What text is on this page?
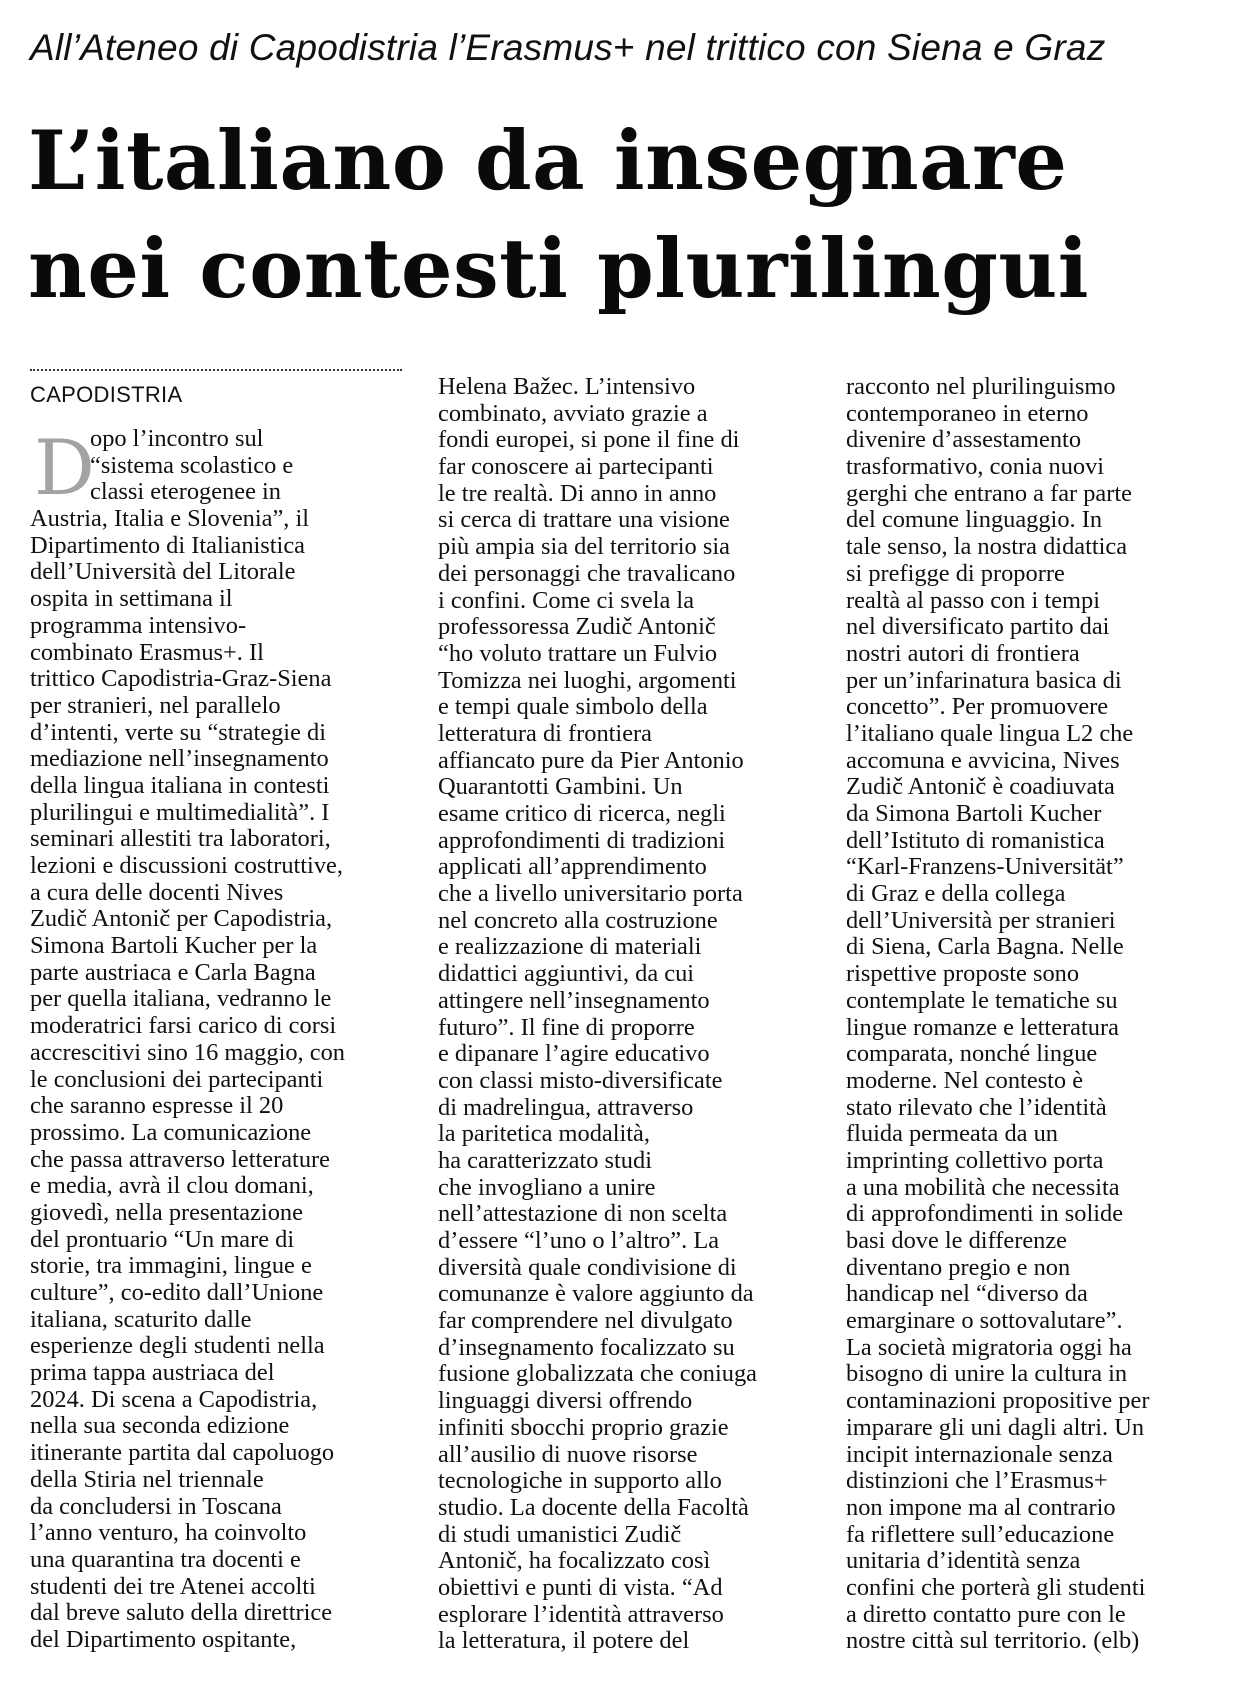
All’Ateneo di Capodistria l’Erasmus+ nel trittico con Siena e Graz
L’italiano da insegnare
nei contesti plurilingui
CAPODISTRIA
D
opo l’incontro sul
“sistema scolastico e
classi eterogenee in
Austria, Italia e Slovenia”, il
Dipartimento di Italianistica
dell’Università del Litorale
ospita in settimana il
programma intensivo-
combinato Erasmus+. Il
trittico Capodistria-Graz-Siena
per stranieri, nel parallelo
d’intenti, verte su “strategie di
mediazione nell’insegnamento
della lingua italiana in contesti
plurilingui e multimedialità”. I
seminari allestiti tra laboratori,
lezioni e discussioni costruttive,
a cura delle docenti Nives
Zudič Antonič per Capodistria,
Simona Bartoli Kucher per la
parte austriaca e Carla Bagna
per quella italiana, vedranno le
moderatrici farsi carico di corsi
accrescitivi sino 16 maggio, con
le conclusioni dei partecipanti
che saranno espresse il 20
prossimo. La comunicazione
che passa attraverso letterature
e media, avrà il clou domani,
giovedì, nella presentazione
del prontuario “Un mare di
storie, tra immagini, lingue e
culture”, co-edito dall’Unione
italiana, scaturito dalle
esperienze degli studenti nella
prima tappa austriaca del
2024. Di scena a Capodistria,
nella sua seconda edizione
itinerante partita dal capoluogo
della Stiria nel triennale
da concludersi in Toscana
l’anno venturo, ha coinvolto
una quarantina tra docenti e
studenti dei tre Atenei accolti
dal breve saluto della direttrice
del Dipartimento ospitante,
Helena Bažec. L’intensivo
combinato, avviato grazie a
fondi europei, si pone il fine di
far conoscere ai partecipanti
le tre realtà. Di anno in anno
si cerca di trattare una visione
più ampia sia del territorio sia
dei personaggi che travalicano
i confini. Come ci svela la
professoressa Zudič Antonič
“ho voluto trattare un Fulvio
Tomizza nei luoghi, argomenti
e tempi quale simbolo della
letteratura di frontiera
affiancato pure da Pier Antonio
Quarantotti Gambini. Un
esame critico di ricerca, negli
approfondimenti di tradizioni
applicati all’apprendimento
che a livello universitario porta
nel concreto alla costruzione
e realizzazione di materiali
didattici aggiuntivi, da cui
attingere nell’insegnamento
futuro”. Il fine di proporre
e dipanare l’agire educativo
con classi misto-diversificate
di madrelingua, attraverso
la paritetica modalità,
ha caratterizzato studi
che invogliano a unire
nell’attestazione di non scelta
d’essere “l’uno o l’altro”. La
diversità quale condivisione di
comunanze è valore aggiunto da
far comprendere nel divulgato
d’insegnamento focalizzato su
fusione globalizzata che coniuga
linguaggi diversi offrendo
infiniti sbocchi proprio grazie
all’ausilio di nuove risorse
tecnologiche in supporto allo
studio. La docente della Facoltà
di studi umanistici Zudič
Antonič, ha focalizzato così
obiettivi e punti di vista. “Ad
esplorare l’identità attraverso
la letteratura, il potere del
racconto nel plurilinguismo
contemporaneo in eterno
divenire d’assestamento
trasformativo, conia nuovi
gerghi che entrano a far parte
del comune linguaggio. In
tale senso, la nostra didattica
si prefigge di proporre
realtà al passo con i tempi
nel diversificato partito dai
nostri autori di frontiera
per un’infarinatura basica di
concetto”. Per promuovere
l’italiano quale lingua L2 che
accomuna e avvicina, Nives
Zudič Antonič è coadiuvata
da Simona Bartoli Kucher
dell’Istituto di romanistica
“Karl-Franzens-Universität”
di Graz e della collega
dell’Università per stranieri
di Siena, Carla Bagna. Nelle
rispettive proposte sono
contemplate le tematiche su
lingue romanze e letteratura
comparata, nonché lingue
moderne. Nel contesto è
stato rilevato che l’identità
fluida permeata da un
imprinting collettivo porta
a una mobilità che necessita
di approfondimenti in solide
basi dove le differenze
diventano pregio e non
handicap nel “diverso da
emarginare o sottovalutare”.
La società migratoria oggi ha
bisogno di unire la cultura in
contaminazioni propositive per
imparare gli uni dagli altri. Un
incipit internazionale senza
distinzioni che l’Erasmus+
non impone ma al contrario
fa riflettere sull’educazione
unitaria d’identità senza
confini che porterà gli studenti
a diretto contatto pure con le
nostre città sul territorio. (elb)
